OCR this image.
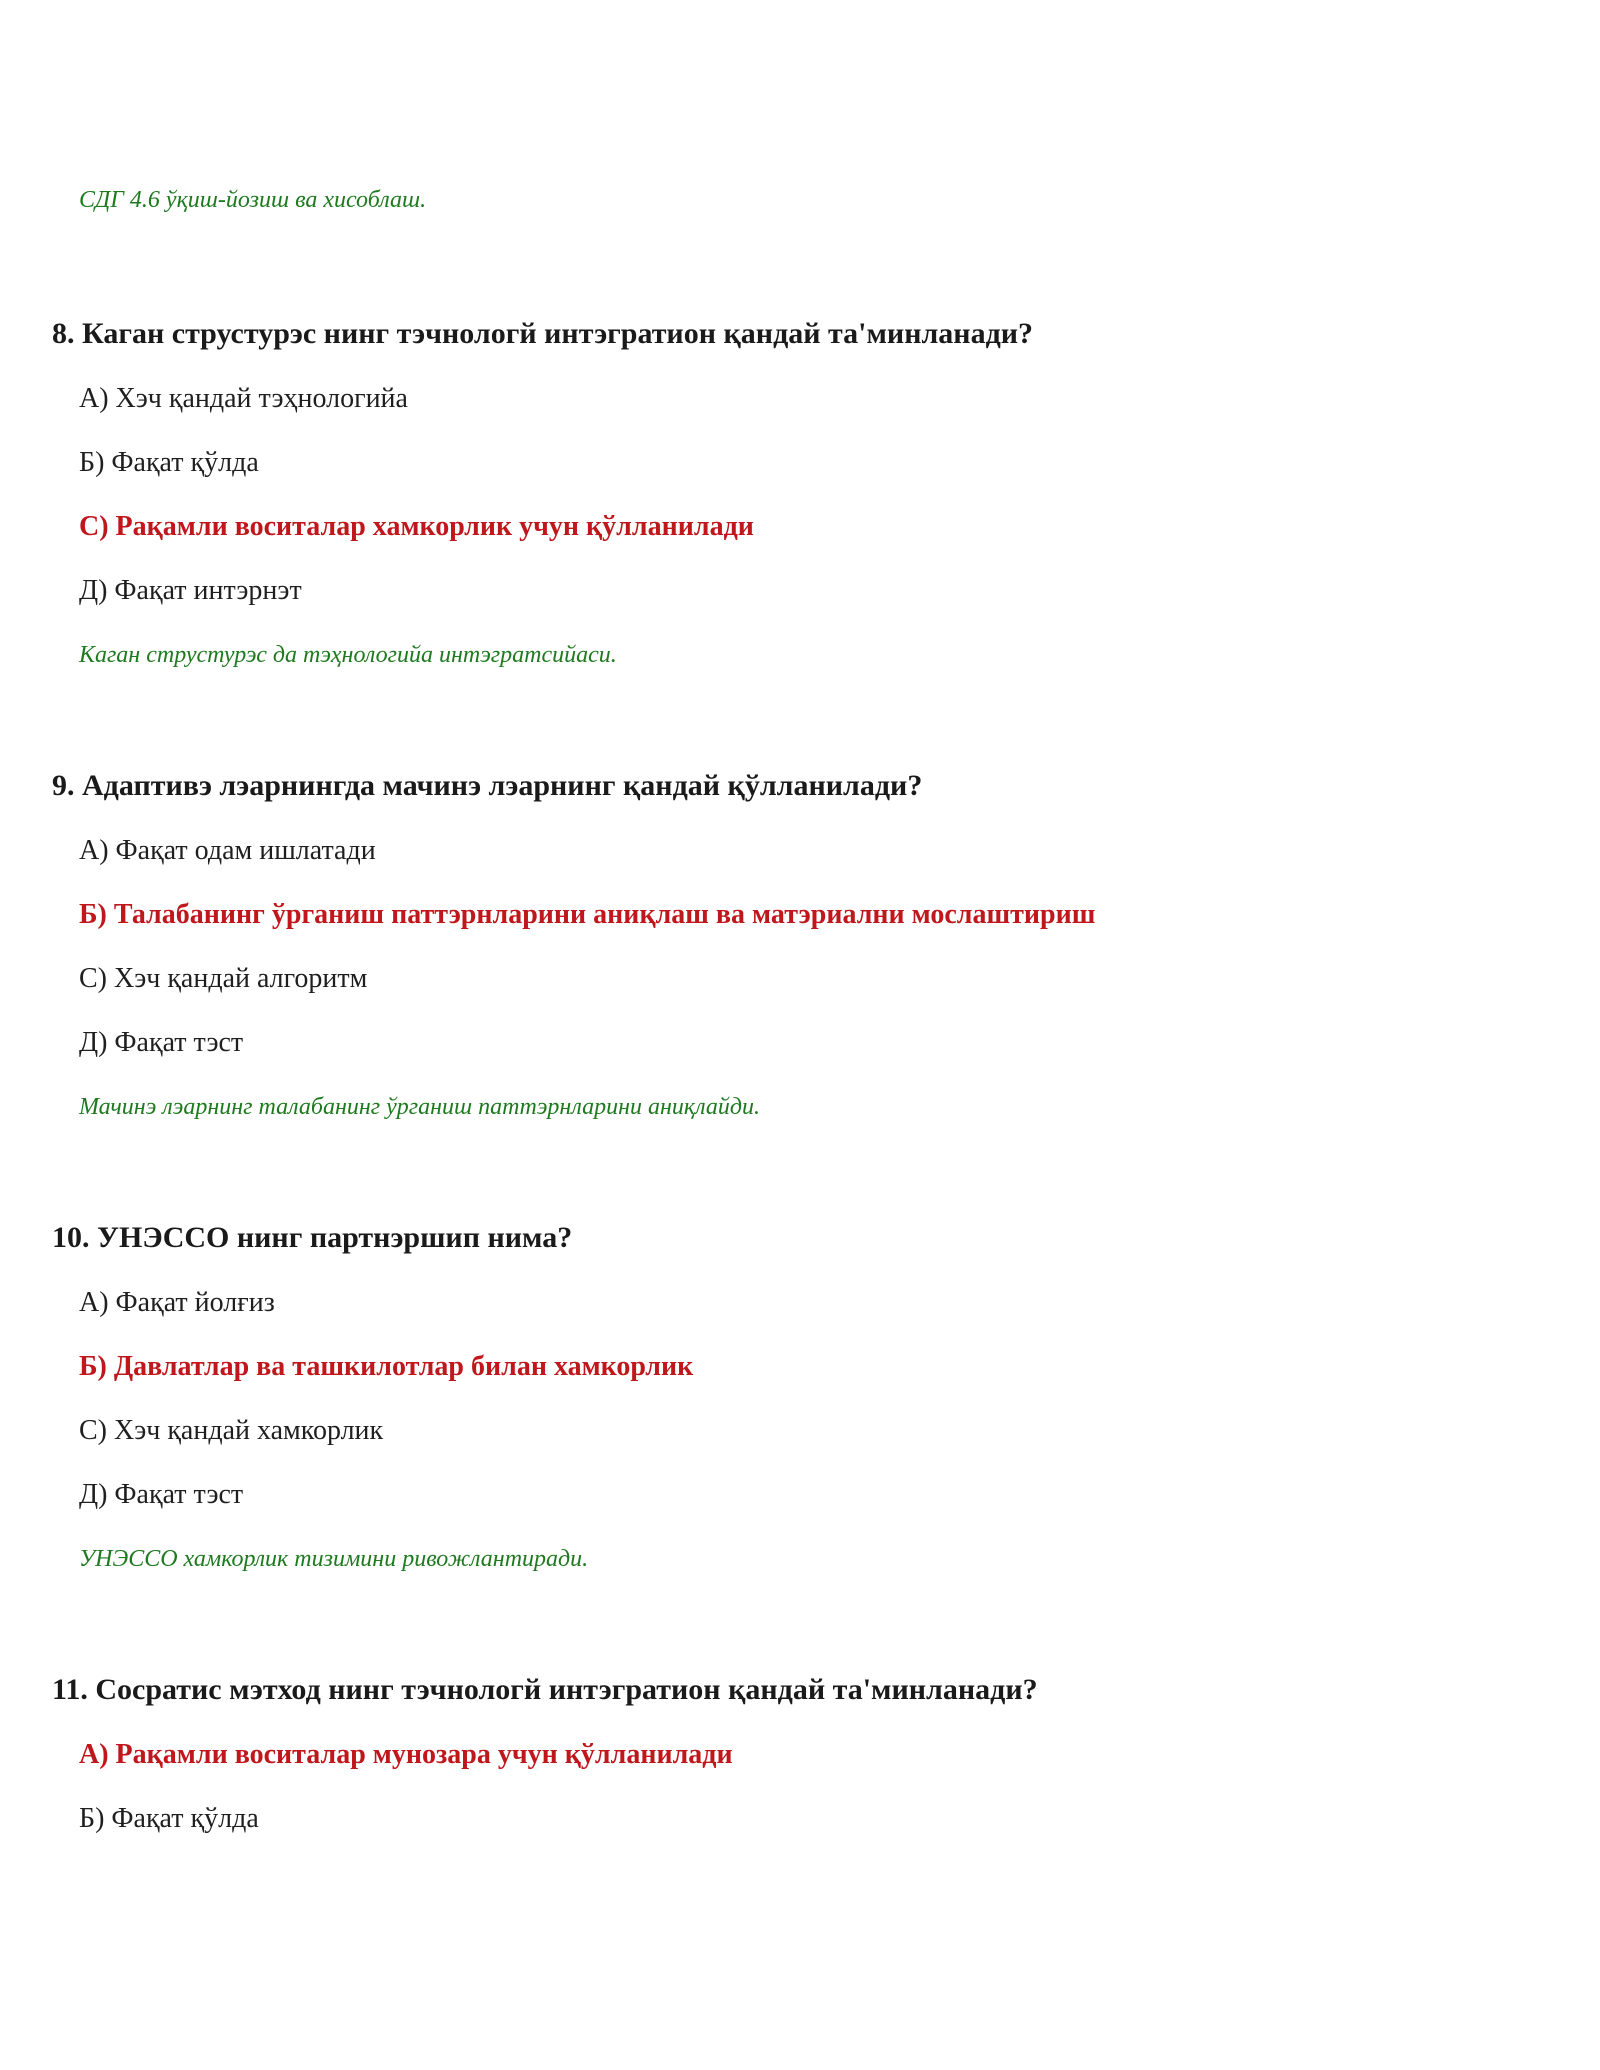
СДГ 4.6 ўқиш-йозиш ва хисоблаш.

8. Каган струстурэс нинг тэчнологй интэгратион қандай та'минланади?

А) Хэч қандай тэҳнологийа

Б) Фақат қўлда

С) Рақамли воситалар хамкорлик учун қўлланилади

Д) Фақат интэрнэт

Каган струстурэс да тэҳнологийа интэгратсийаси.

9. Адаптивэ лэарнингда мачинэ лэарнинг қандай қўлланилади?

А) Фақат одам ишлатади

Б) Талабанинг ўрганиш паттэрнларини аниқлаш ва матэриални мослаштириш

С) Хэч қандай алгоритм

Д) Фақат тэст

Мачинэ лэарнинг талабанинг ўрганиш паттэрнларини аниқлайди.

10. УНЭССО нинг партнэршип нима?

А) Фақат йолғиз

Б) Давлатлар ва ташкилотлар билан хамкорлик

С) Хэч қандай хамкорлик

Д) Фақат тэст

УНЭССО хамкорлик тизимини ривожлантиради.

11. Сосратис мэтход нинг тэчнологй интэгратион қандай та'минланади?

А) Рақамли воситалар мунозара учун қўлланилади

Б) Фақат қўлда
